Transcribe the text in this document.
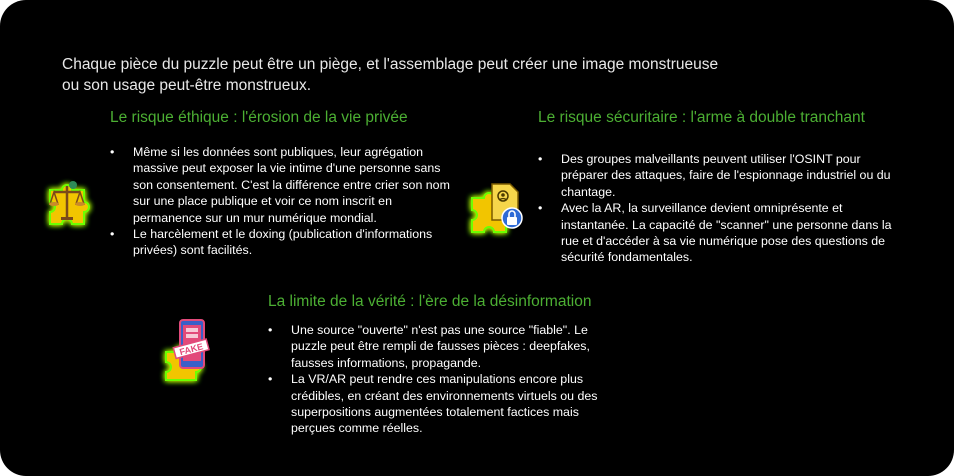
Chaque pièce du puzzle peut être un piège, et l'assemblage peut créer une image monstrueuse ou son usage peut-être monstrueux.

Le risque éthique : l'érosion de la vie privée
• Même si les données sont publiques, leur agrégation massive peut exposer la vie intime d'une personne sans son consentement. C'est la différence entre crier son nom sur une place publique et voir ce nom inscrit en permanence sur un mur numérique mondial.
• Le harcèlement et le doxing (publication d'informations privées) sont facilités.
Le risque sécuritaire : l'arme à double tranchant
• Des groupes malveillants peuvent utiliser l'OSINT pour préparer des attaques, faire de l'espionnage industriel ou du chantage.
• Avec la AR, la surveillance devient omniprésente et instantanée. La capacité de "scanner" une personne dans la rue et d'accéder à sa vie numérique pose des questions de sécurité fondamentales.
FAKE
La limite de la vérité : l'ère de la désinformation
• Une source "ouverte" n'est pas une source "fiable". Le puzzle peut être rempli de fausses pièces : deepfakes, fausses informations, propagande.
• La VR/AR peut rendre ces manipulations encore plus crédibles, en créant des environnements virtuels ou des superpositions augmentées totalement factices mais perçues comme réelles.
